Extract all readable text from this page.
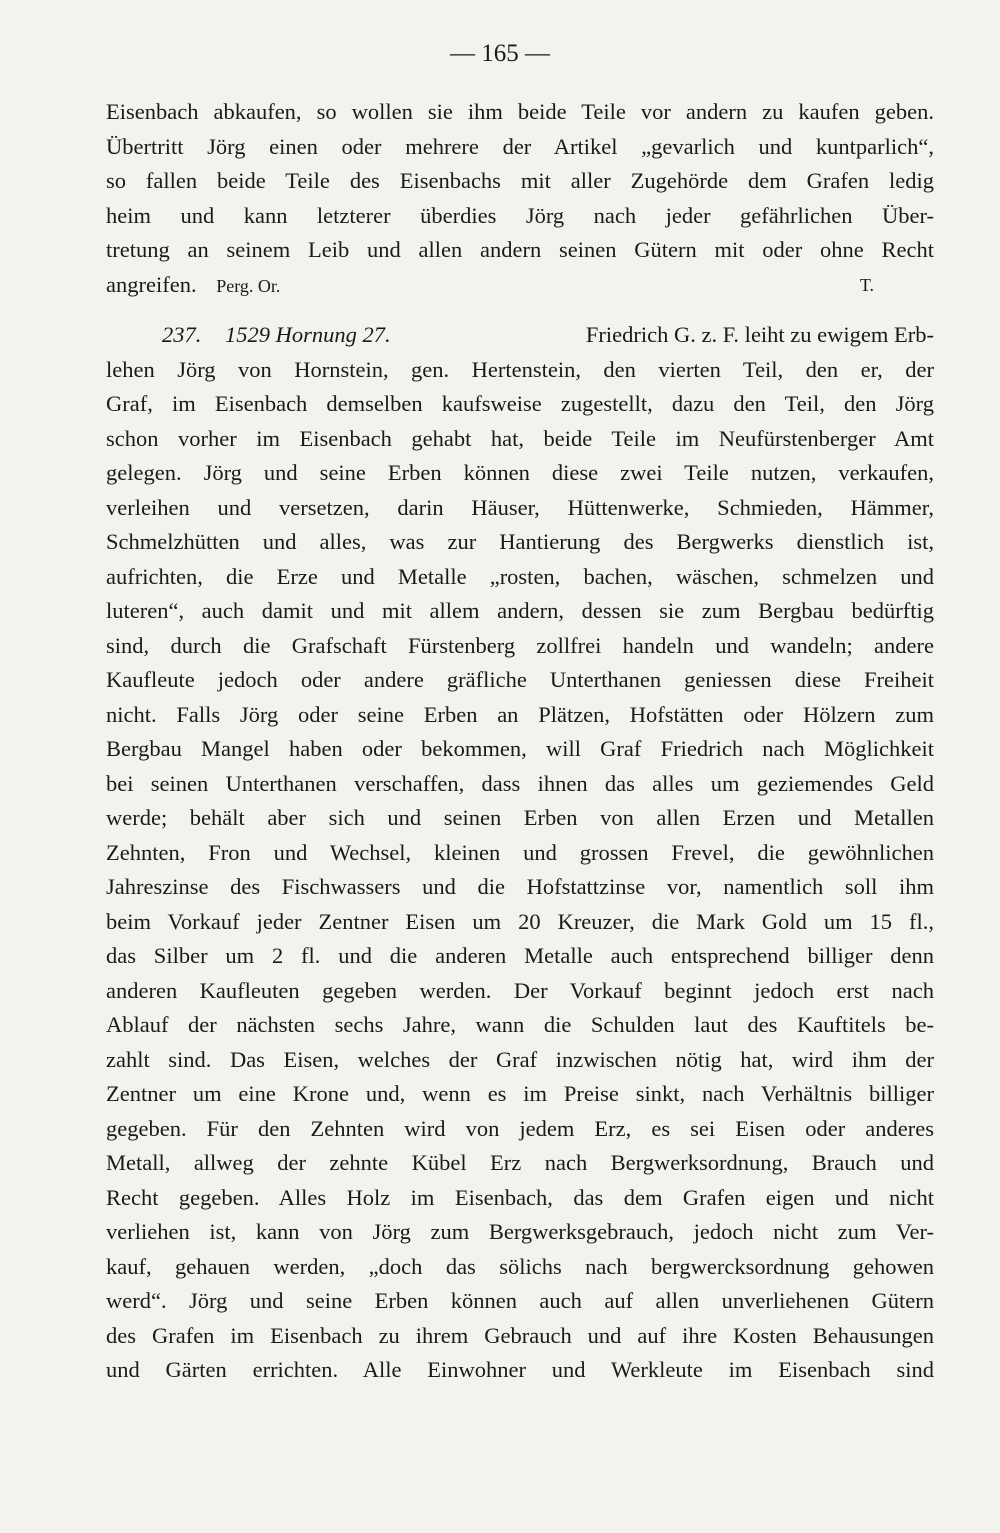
— 165 —
Eisenbach abkaufen, so wollen sie ihm beide Teile vor andern zu kaufen geben.
Übertritt Jörg einen oder mehrere der Artikel „gevarlich und kuntparlich“,
so fallen beide Teile des Eisenbachs mit aller Zugehörde dem Grafen ledig
heim und kann letzterer überdies Jörg nach jeder gefährlichen Über-
tretung an seinem Leib und allen andern seinen Gütern mit oder ohne Recht
angreifen. Perg. Or.	T.
237. 1529 Hornung 27.	Friedrich G. z. F. leiht zu ewigem Erb-
lehen Jörg von Hornstein, gen. Hertenstein, den vierten Teil, den er, der
Graf, im Eisenbach demselben kaufsweise zugestellt, dazu den Teil, den Jörg
schon vorher im Eisenbach gehabt hat, beide Teile im Neufürstenberger Amt
gelegen. Jörg und seine Erben können diese zwei Teile nutzen, verkaufen,
verleihen und versetzen, darin Häuser, Hüttenwerke, Schmieden, Hämmer,
Schmelzhütten und alles, was zur Hantierung des Bergwerks dienstlich ist,
aufrichten, die Erze und Metalle „rosten, bachen, wäschen, schmelzen und
luteren“, auch damit und mit allem andern, dessen sie zum Bergbau bedürftig
sind, durch die Grafschaft Fürstenberg zollfrei handeln und wandeln; andere
Kaufleute jedoch oder andere gräfliche Unterthanen geniessen diese Freiheit
nicht. Falls Jörg oder seine Erben an Plätzen, Hofstätten oder Hölzern zum
Bergbau Mangel haben oder bekommen, will Graf Friedrich nach Möglichkeit
bei seinen Unterthanen verschaffen, dass ihnen das alles um geziemendes Geld
werde; behält aber sich und seinen Erben von allen Erzen und Metallen
Zehnten, Fron und Wechsel, kleinen und grossen Frevel, die gewöhnlichen
Jahreszinse des Fischwassers und die Hofstattzinse vor, namentlich soll ihm
beim Vorkauf jeder Zentner Eisen um 20 Kreuzer, die Mark Gold um 15 fl.,
das Silber um 2 fl. und die anderen Metalle auch entsprechend billiger denn
anderen Kaufleuten gegeben werden. Der Vorkauf beginnt jedoch erst nach
Ablauf der nächsten sechs Jahre, wann die Schulden laut des Kauftitels be-
zahlt sind. Das Eisen, welches der Graf inzwischen nötig hat, wird ihm der
Zentner um eine Krone und, wenn es im Preise sinkt, nach Verhältnis billiger
gegeben. Für den Zehnten wird von jedem Erz, es sei Eisen oder anderes
Metall, allweg der zehnte Kübel Erz nach Bergwerksordnung, Brauch und
Recht gegeben. Alles Holz im Eisenbach, das dem Grafen eigen und nicht
verliehen ist, kann von Jörg zum Bergwerksgebrauch, jedoch nicht zum Ver-
kauf, gehauen werden, „doch das sölichs nach bergwercksordnung gehowen
werd“. Jörg und seine Erben können auch auf allen unverliehenen Gütern
des Grafen im Eisenbach zu ihrem Gebrauch und auf ihre Kosten Behausungen
und Gärten errichten. Alle Einwohner und Werkleute im Eisenbach sind
